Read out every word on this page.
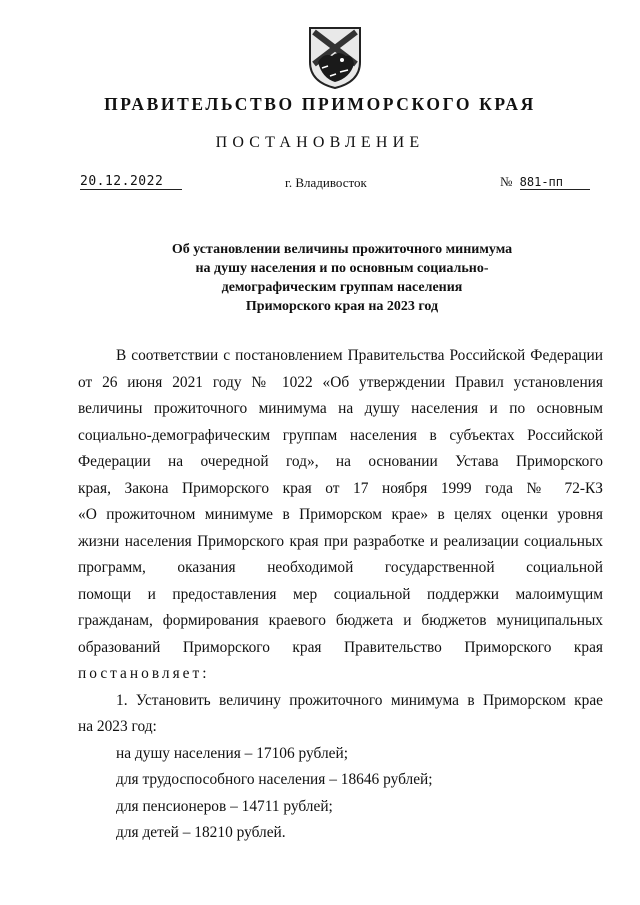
ПРАВИТЕЛЬСТВО ПРИМОРСКОГО КРАЯ
ПОСТАНОВЛЕНИЕ
20.12.2022	г. Владивосток	№ 881-пп
Об установлении величины прожиточного минимума
на душу населения и по основным социально-
демографическим группам населения
Приморского края на 2023 год
В соответствии с постановлением Правительства Российской Федерации
от 26 июня 2021 году № 1022 «Об утверждении Правил установления
величины прожиточного минимума на душу населения и по основным
социально-демографическим группам населения в субъектах Российской
Федерации на очередной год», на основании Устава Приморского
края, Закона Приморского края от 17 ноября 1999 года № 72-КЗ
«О прожиточном минимуме в Приморском крае» в целях оценки уровня
жизни населения Приморского края при разработке и реализации социальных
программ, оказания необходимой государственной социальной
помощи и предоставления мер социальной поддержки малоимущим
гражданам, формирования краевого бюджета и бюджетов муниципальных
образований Приморского края Правительство Приморского края
постановляет:
1. Установить величину прожиточного минимума в Приморском крае
на 2023 год:
на душу населения – 17106 рублей;
для трудоспособного населения – 18646 рублей;
для пенсионеров – 14711 рублей;
для детей – 18210 рублей.
